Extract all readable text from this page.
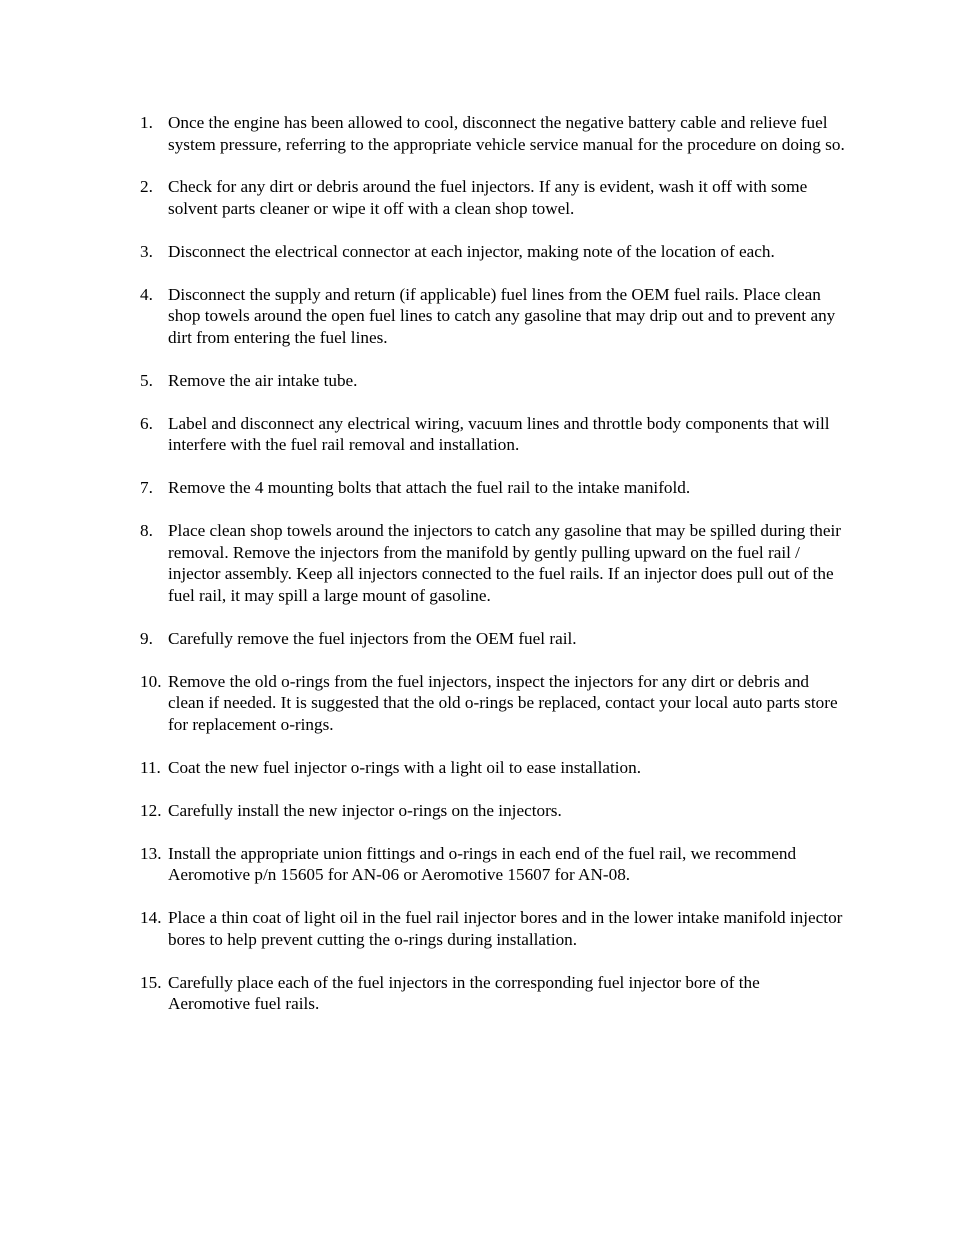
1. Once the engine has been allowed to cool, disconnect the negative battery cable and relieve fuel system pressure, referring to the appropriate vehicle service manual for the procedure on doing so.
2. Check for any dirt or debris around the fuel injectors. If any is evident, wash it off with some solvent parts cleaner or wipe it off with a clean shop towel.
3. Disconnect the electrical connector at each injector, making note of the location of each.
4. Disconnect the supply and return (if applicable) fuel lines from the OEM fuel rails. Place clean shop towels around the open fuel lines to catch any gasoline that may drip out and to prevent any dirt from entering the fuel lines.
5. Remove the air intake tube.
6. Label and disconnect any electrical wiring, vacuum lines and throttle body components that will interfere with the fuel rail removal and installation.
7. Remove the 4 mounting bolts that attach the fuel rail to the intake manifold.
8. Place clean shop towels around the injectors to catch any gasoline that may be spilled during their removal. Remove the injectors from the manifold by gently pulling upward on the fuel rail / injector assembly. Keep all injectors connected to the fuel rails. If an injector does pull out of the fuel rail, it may spill a large mount of gasoline.
9. Carefully remove the fuel injectors from the OEM fuel rail.
10. Remove the old o-rings from the fuel injectors, inspect the injectors for any dirt or debris and clean if needed. It is suggested that the old o-rings be replaced, contact your local auto parts store for replacement o-rings.
11. Coat the new fuel injector o-rings with a light oil to ease installation.
12. Carefully install the new injector o-rings on the injectors.
13. Install the appropriate union fittings and o-rings in each end of the fuel rail, we recommend Aeromotive p/n 15605 for AN-06 or Aeromotive 15607 for AN-08.
14. Place a thin coat of light oil in the fuel rail injector bores and in the lower intake manifold injector bores to help prevent cutting the o-rings during installation.
15. Carefully place each of the fuel injectors in the corresponding fuel injector bore of the Aeromotive fuel rails.
